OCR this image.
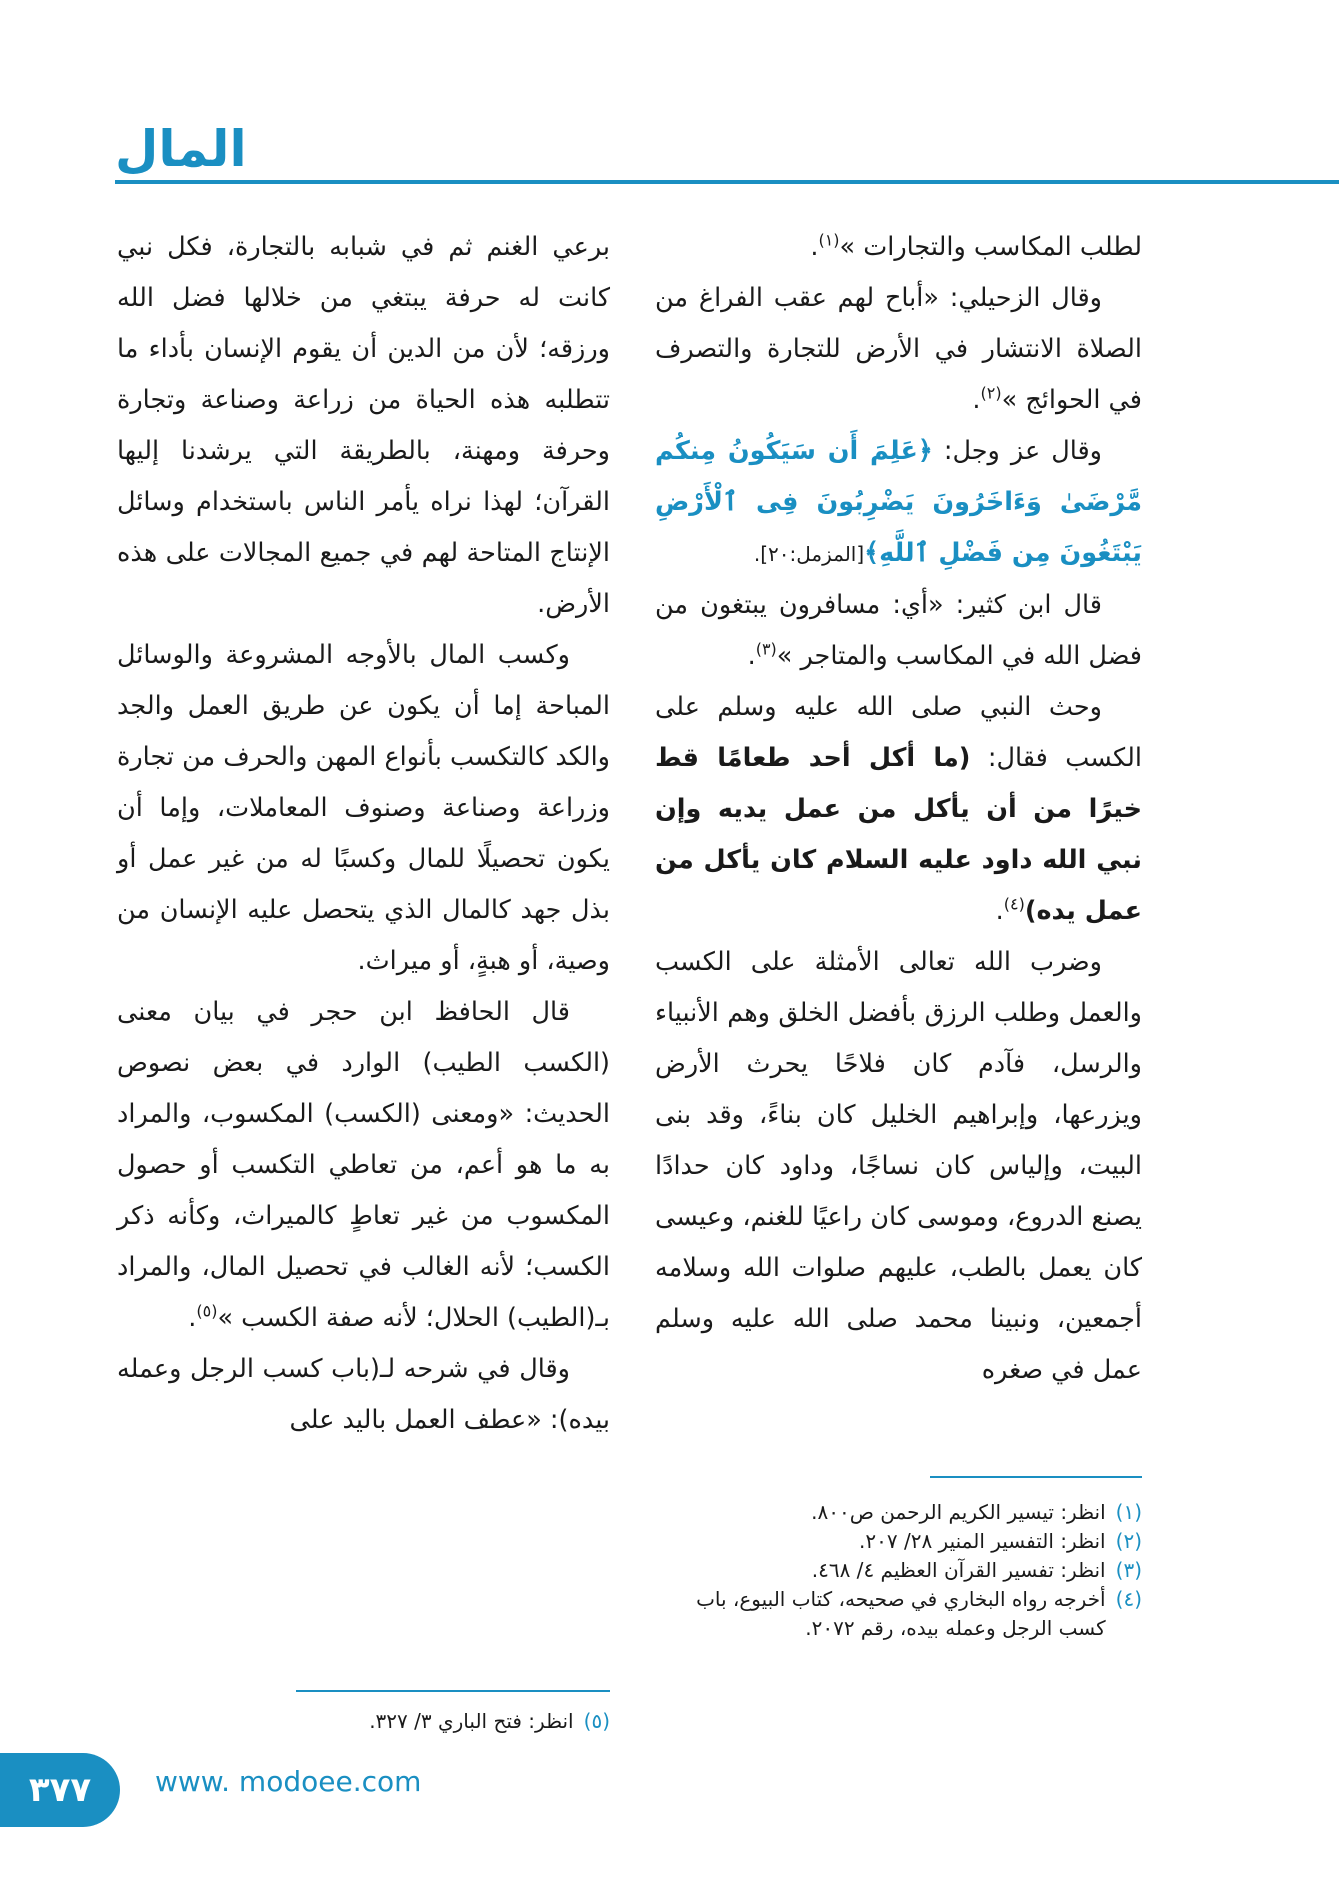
المال

لطلب المكاسب والتجارات »$^{(١)}$.

وقال الزحيلي: «أباح لهم عقب الفراغ من الصلاة الانتشار في الأرض للتجارة والتصرف في الحوائج »$^{(٢)}$.

وقال عز وجل: ﴿عَلِمَ أَن سَيَكُونُ مِنكُم مَّرْضَىٰ وَءَاخَرُونَ يَضْرِبُونَ فِى ٱلْأَرْضِ يَبْتَغُونَ مِن فَضْلِ ٱللَّهِ﴾[المزمل:٢٠].

قال ابن كثير: «أي: مسافرون يبتغون من فضل الله في المكاسب والمتاجر »$^{(٣)}$.

وحث النبي صلى الله عليه وسلم على الكسب فقال: (ما أكل أحد طعامًا قط خيرًا من أن يأكل من عمل يديه وإن نبي الله داود عليه السلام كان يأكل من عمل يده)$^{(٤)}$.

وضرب الله تعالى الأمثلة على الكسب والعمل وطلب الرزق بأفضل الخلق وهم الأنبياء والرسل، فآدم كان فلاحًا يحرث الأرض ويزرعها، وإبراهيم الخليل كان بناءً، وقد بنى البيت، وإلياس كان نساجًا، وداود كان حدادًا يصنع الدروع، وموسى كان راعيًا للغنم، وعيسى كان يعمل بالطب، عليهم صلوات الله وسلامه أجمعين، ونبينا محمد صلى الله عليه وسلم عمل في صغره

برعي الغنم ثم في شبابه بالتجارة، فكل نبي كانت له حرفة يبتغي من خلالها فضل الله ورزقه؛ لأن من الدين أن يقوم الإنسان بأداء ما تتطلبه هذه الحياة من زراعة وصناعة وتجارة وحرفة ومهنة، بالطريقة التي يرشدنا إليها القرآن؛ لهذا نراه يأمر الناس باستخدام وسائل الإنتاج المتاحة لهم في جميع المجالات على هذه الأرض.

وكسب المال بالأوجه المشروعة والوسائل المباحة إما أن يكون عن طريق العمل والجد والكد كالتكسب بأنواع المهن والحرف من تجارة وزراعة وصناعة وصنوف المعاملات، وإما أن يكون تحصيلًا للمال وكسبًا له من غير عمل أو بذل جهد كالمال الذي يتحصل عليه الإنسان من وصية، أو هبةٍ، أو ميراث.

قال الحافظ ابن حجر في بيان معنى (الكسب الطيب) الوارد في بعض نصوص الحديث: «ومعنى (الكسب) المكسوب، والمراد به ما هو أعم، من تعاطي التكسب أو حصول المكسوب من غير تعاطٍ كالميراث، وكأنه ذكر الكسب؛ لأنه الغالب في تحصيل المال، والمراد بـ(الطيب) الحلال؛ لأنه صفة الكسب »$^{(٥)}$.

وقال في شرحه لـ(باب كسب الرجل وعمله بيده): «عطف العمل باليد على

(١)
انظر: تيسير الكريم الرحمن ص٨٠٠.
(٢)
انظر: التفسير المنير ٢٨/ ٢٠٧.
(٣)
انظر: تفسير القرآن العظيم ٤/ ٤٦٨.
(٤)
أخرجه رواه البخاري في صحيحه، كتاب البيوع، باب كسب الرجل وعمله بيده، رقم ٢٠٧٢.
(٥)
انظر: فتح الباري ٣/ ٣٢٧.
٣٧٧	www. modoee.com
